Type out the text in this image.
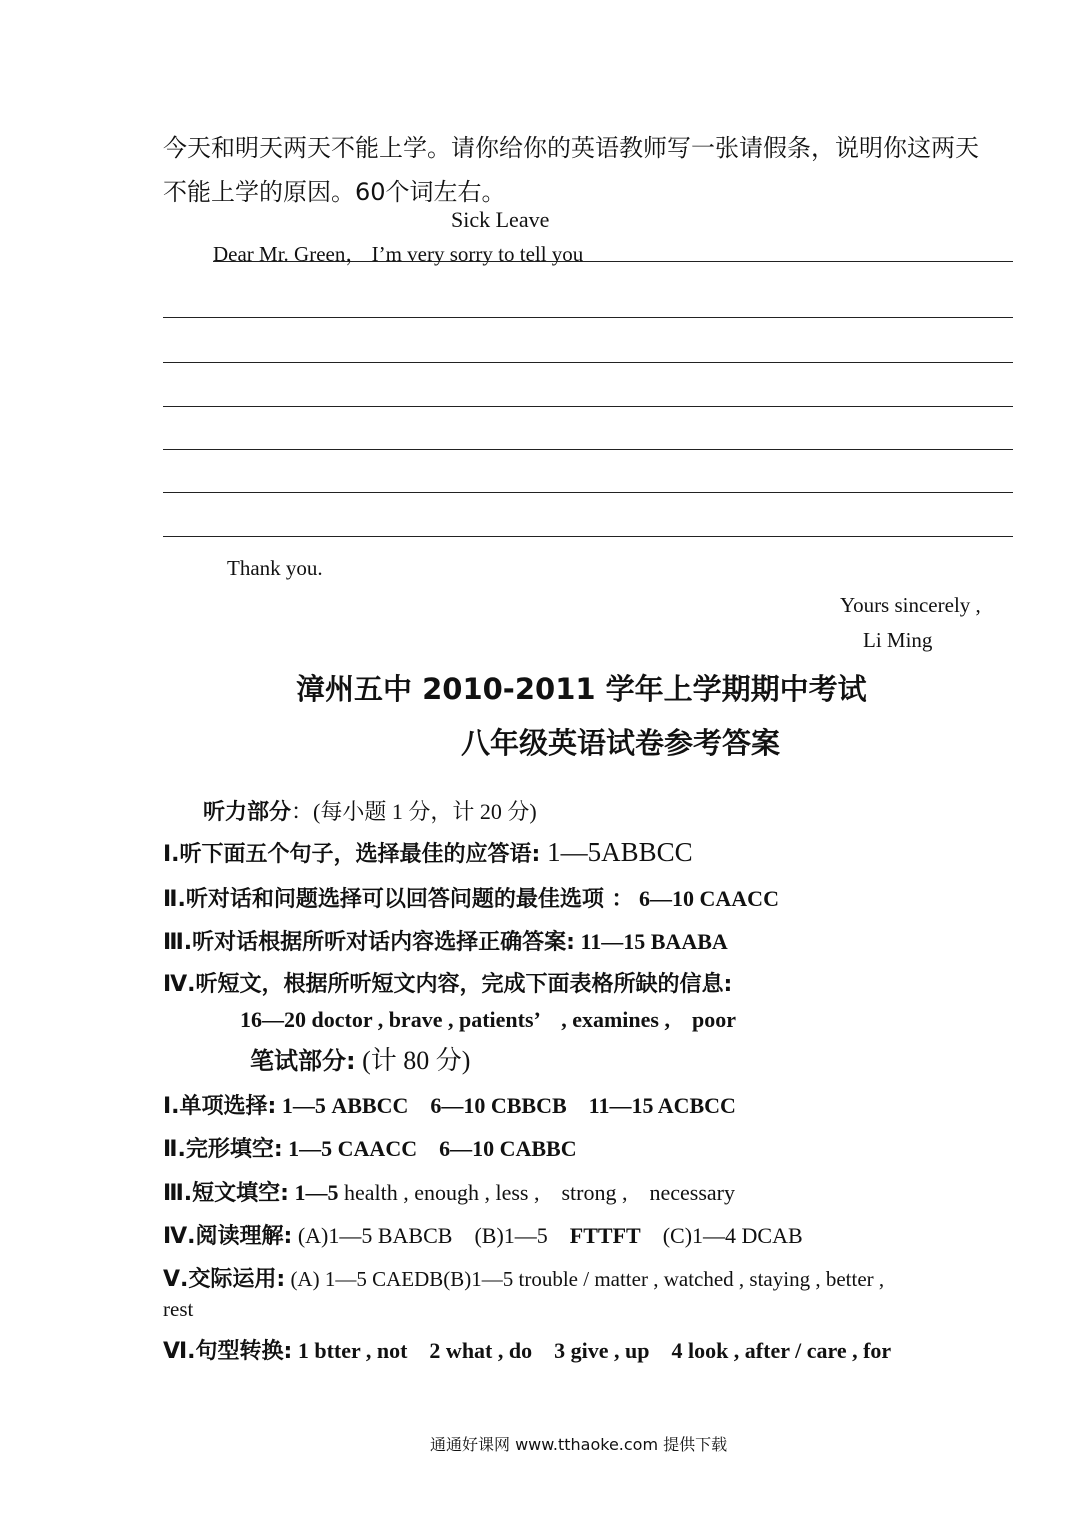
今天和明天两天不能上学。请你给你的英语教师写一张请假条，说明你这两天
不能上学的原因。60个词左右。
Sick Leave
Dear Mr. Green， I’m very sorry to tell you
Thank you.
Yours sincerely ,
Li Ming
漳州五中 2010-2011 学年上学期期中考试
八年级英语试卷参考答案
听力部分：(每小题 1 分，计 20 分)
Ⅰ.听下面五个句子，选择最佳的应答语: 1—5ABBCC
Ⅱ.听对话和问题选择可以回答问题的最佳选项 ： 6—10 CAACC
Ⅲ.听对话根据所听对话内容选择正确答案: 11—15 BAABA
Ⅳ.听短文，根据所听短文内容，完成下面表格所缺的信息:
16—20 doctor , brave , patients’　, examines ,　poor
笔试部分: (计 80 分)
Ⅰ.单项选择: 1—5 ABBCC　6—10 CBBCB　11—15 ACBCC
Ⅱ.完形填空: 1—5 CAACC　6—10 CABBC
Ⅲ.短文填空: 1—5 health , enough , less ,　strong ,　necessary
Ⅳ.阅读理解: (A)1—5 BABCB　(B)1—5　FTTFT　(C)1—4 DCAB
Ⅴ.交际运用: (A) 1—5 CAEDB(B)1—5 trouble / matter , watched , staying , better ,
rest
Ⅵ.句型转换: 1 btter , not　2 what , do　3 give , up　4 look , after / care , for
通通好课网 www.tthaoke.com 提供下载
